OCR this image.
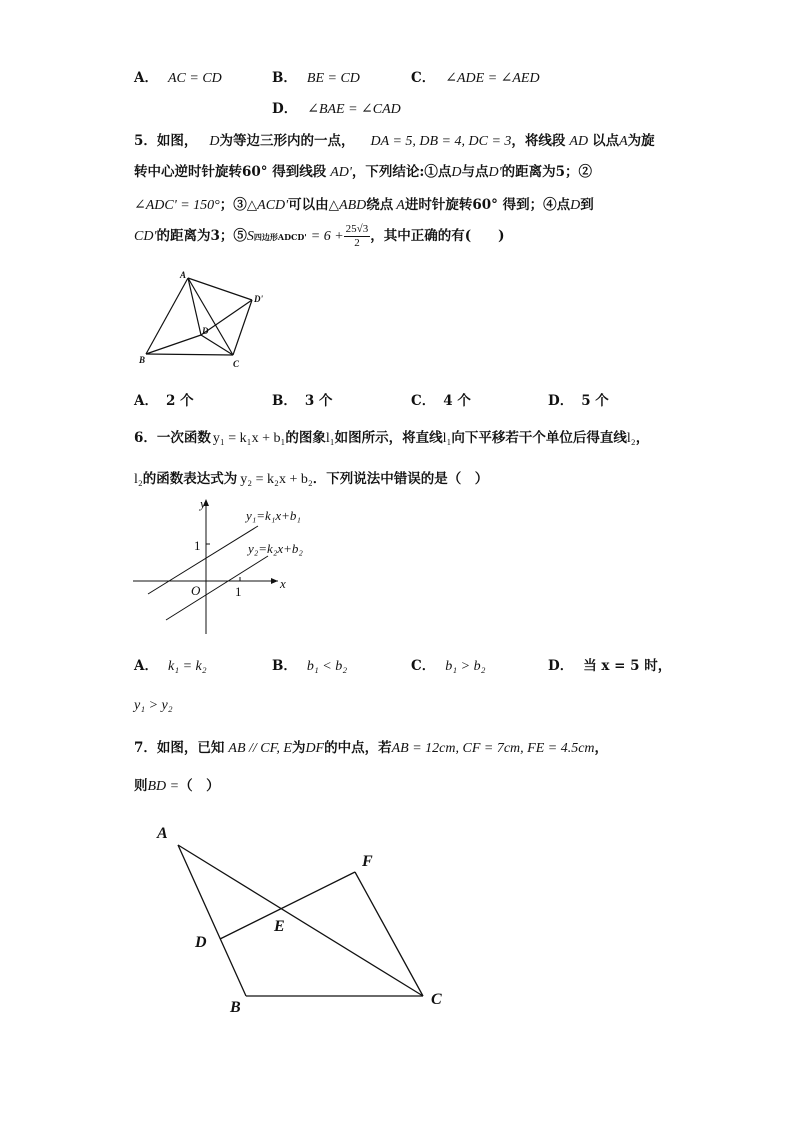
A． AC = CD	B． BE = CD	C． ∠ADE = ∠AED
D． ∠BAE = ∠CAD
5．如图， D为等边三形内的一点， DA = 5, DB = 4, DC = 3，将线段 AD 以点A为旋
转中心逆时针旋转60° 得到线段 AD'，下列结论:①点D与点D'的距离为5；②
∠ADC' = 150°；③△ACD'可以由△ABD绕点 A进时针旋转60° 得到；④点D到
CD'的距离为3；⑤S四边形ADCD' = $6 + \frac{25√3}{2}$ ，其中正确的有(　　)
A
B	C
D
D'
A． 2 个	B． 3 个	C． 4 个	D． 5 个
6．一次函数 y₁ = k₁x + b₁的图象l₁如图所示，将直线l₁向下平移若干个单位后得直线l₂，
l₂的函数表达式为 y₂ = k₂x + b₂．下列说法中错误的是（　）
y
x
O
1
1
y₁=k₁x+b₁
y₂=k₂x+b₂
A． k₁ = k₂	B． b₁ < b₂	C． b₁ > b₂	D． 当 x = 5 时，
y₁ > y₂
7．如图，已知 AB // CF, E为DF的中点，若AB = 12cm, CF = 7cm, FE = 4.5cm，
则BD =（　）
A
B	C
D
E
F
